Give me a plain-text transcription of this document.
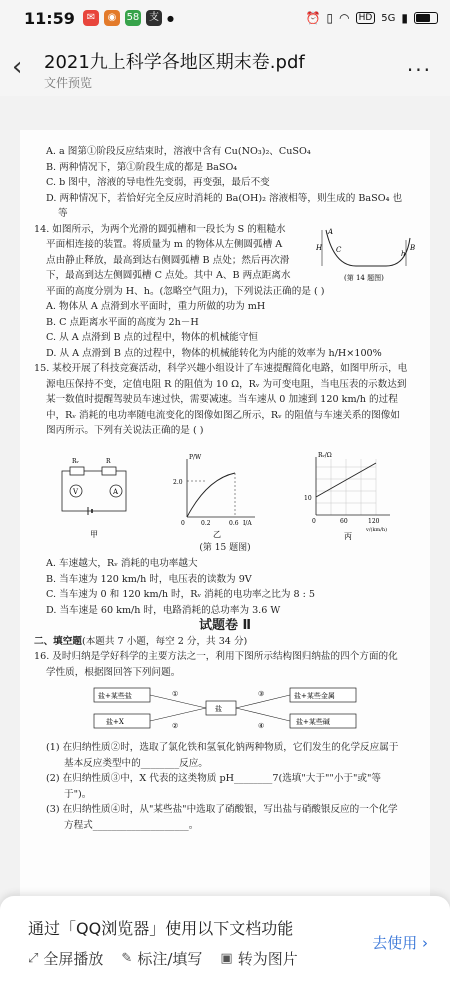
11:59	✉	◉	58 支	●	⏰ ▯ ◠	HD 5G ▮
‹ 2021九上科学各地区期末卷.pdf
文件预览
...

A. a 图第①阶段反应结束时，溶液中含有 Cu(NO₃)₂、CuSO₄

B. 两种情况下，第①阶段生成的都是 BaSO₄

C. b 图中，溶液的导电性先变弱，再变强，最后不变

D. 两种情况下，若恰好完全反应时消耗的 Ba(OH)₂ 溶液相等，则生成的 BaSO₄ 也

等

14. 如图所示，为两个光滑的圆弧槽和一段长为 S 的粗糙水

平面相连接的装置。将质量为 m 的物体从左侧圆弧槽 A

点由静止释放，最高到达右侧圆弧槽 B 点处；然后再次滑

下，最高到达左侧圆弧槽 C 点处。其中 A、B 两点距离水

平面的高度分别为 H、h。(忽略空气阻力)，下列说法正确的是 ( )

A
H C	B
h
(第 14 题图)

A. 物体从 A 点滑到水平面时，重力所做的功为 mH

B. C 点距离水平面的高度为 2h－H

C. 从 A 点滑到 B 点的过程中，物体的机械能守恒

D. 从 A 点滑到 B 点的过程中，物体的机械能转化为内能的效率为 h/H×100%

15. 某校开展了科技竞赛活动，科学兴趣小组设计了车速提醒简化电路，如图甲所示，电

源电压保持不变，定值电阻 R 的阻值为 10 Ω，Rᵥ 为可变电阻，当电压表的示数达到

某一数值时提醒驾驶员车速过快，需要减速。当车速从 0 加速到 120 km/h 的过程

中，Rᵥ 消耗的电功率随电流变化的图像如图乙所示，Rᵥ 的阻值与车速关系的图像如

图丙所示。下列有关说法正确的是 ( )

Rᵥ	R
V	A
甲
P/W
2.0
0	0.2	0.6 I/A
乙
Rᵥ/Ω
10
0	60	120
v/(km/h)
丙

(第 15 题图)

A. 车速越大，Rᵥ 消耗的电功率越大

B. 当车速为 120 km/h 时，电压表的读数为 9V

C. 当车速为 0 和 120 km/h 时，Rᵥ 消耗的电功率之比为 8 : 5

D. 当车速是 60 km/h 时，电路消耗的总功率为 3.6 W

试题卷 Ⅱ

二、填空题(本题共 7 小题，每空 2 分，共 34 分)

16. 及时归纳是学好科学的主要方法之一，利用下图所示结构图归纳盐的四个方面的化

学性质，根据图回答下列问题。

盐+某些盐
盐+X
盐
盐+某些金属
盐+某些碱
①
②
③
④

(1) 在归纳性质②时，选取了氯化铁和氢氧化钠两种物质，它们发生的化学反应属于

基本反应类型中的________反应。

(2) 在归纳性质③中，X 代表的这类物质 pH________7(选填"大于""小于"或"等

于")。

(3) 在归纳性质④时，从"某些盐"中选取了硝酸银，写出盐与硝酸银反应的一个化学

方程式____________________。

通过「QQ浏览器」使用以下文档功能
⤢ 全屏播放 ✎ 标注/填写 ▣ 转为图片
去使用 ›
